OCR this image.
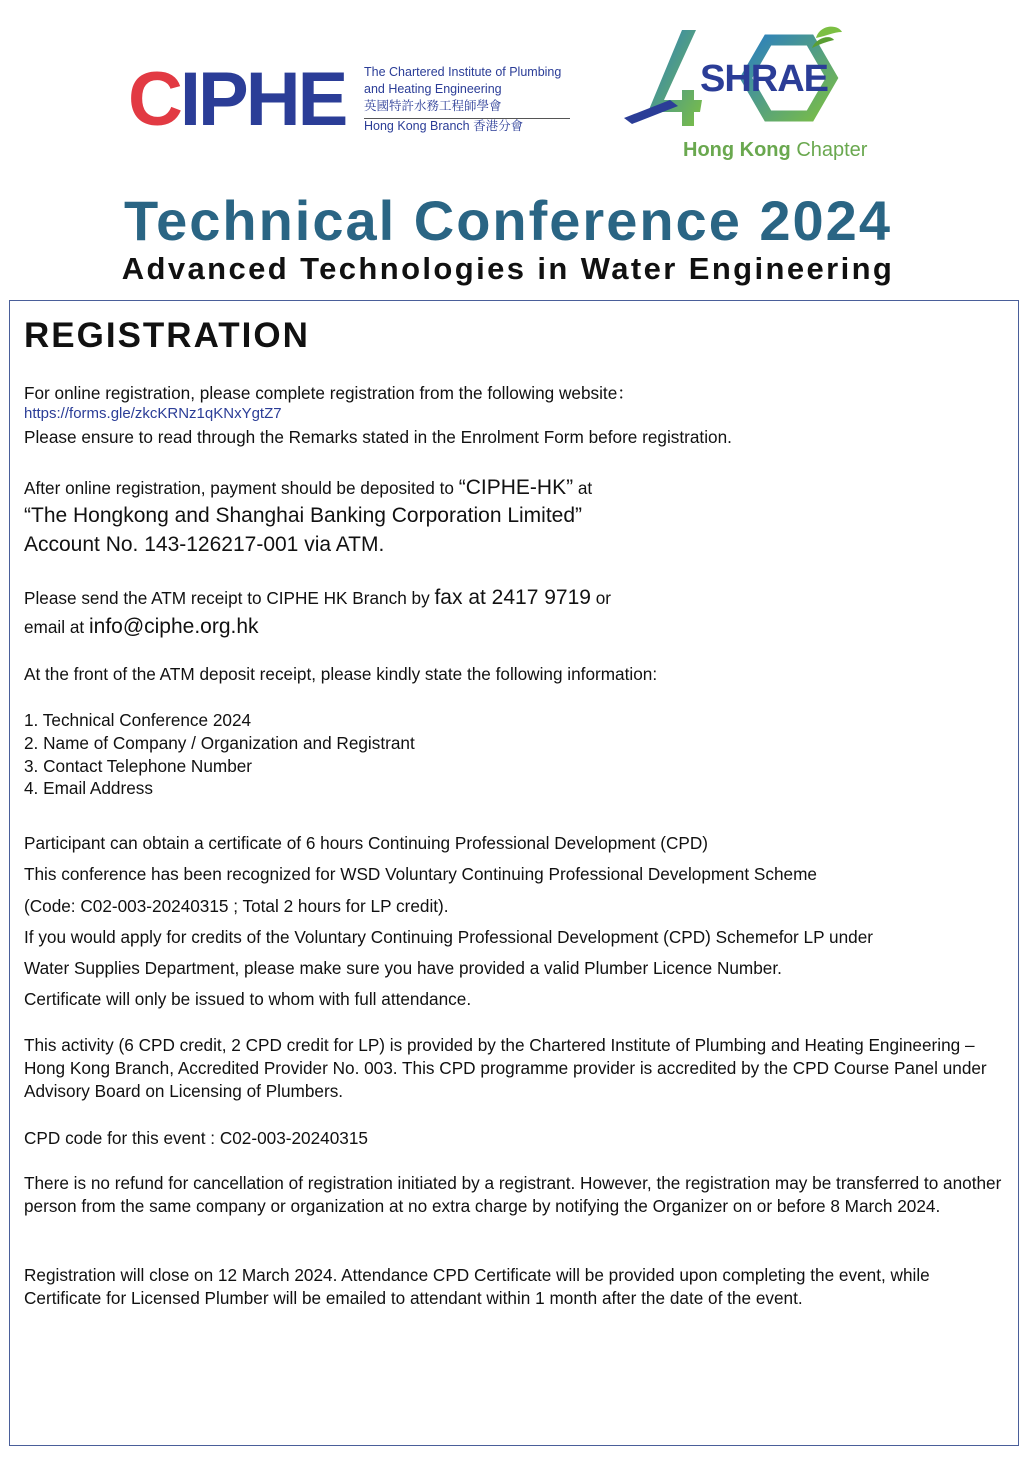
CIPHE The Chartered Institute of Plumbing
and Heating Engineering
英國特許水務工程師學會
Hong Kong Branch 香港分會
SHRAE
Hong Kong Chapter
Technical Conference 2024
Advanced Technologies in Water Engineering
REGISTRATION
For online registration, please complete registration from the following website：
https://forms.gle/zkcKRNz1qKNxYgtZ7
Please ensure to read through the Remarks stated in the Enrolment Form before registration.
After online registration, payment should be deposited to “CIPHE-HK” at
“The Hongkong and Shanghai Banking Corporation Limited”
Account No. 143-126217-001 via ATM.
Please send the ATM receipt to CIPHE HK Branch by fax at 2417 9719 or
email at info@ciphe.org.hk
At the front of the ATM deposit receipt, please kindly state the following information:
1. Technical Conference 2024
2. Name of Company / Organization and Registrant
3. Contact Telephone Number
4. Email Address
Participant can obtain a certificate of 6 hours Continuing Professional Development (CPD)
This conference has been recognized for WSD Voluntary Continuing Professional Development Scheme
(Code: C02-003-20240315 ; Total 2 hours for LP credit).
If you would apply for credits of the Voluntary Continuing Professional Development (CPD) Schemefor LP under
Water Supplies Department, please make sure you have provided a valid Plumber Licence Number.
Certificate will only be issued to whom with full attendance.
This activity (6 CPD credit, 2 CPD credit for LP) is provided by the Chartered Institute of Plumbing and Heating Engineering – Hong Kong Branch, Accredited Provider No. 003. This CPD programme provider is accredited by the CPD Course Panel under Advisory Board on Licensing of Plumbers.
CPD code for this event : C02-003-20240315
There is no refund for cancellation of registration initiated by a registrant. However, the registration may be transferred to another person from the same company or organization at no extra charge by notifying the Organizer on or before 8 March 2024.
Registration will close on 12 March 2024. Attendance CPD Certificate will be provided upon completing the event, while Certificate for Licensed Plumber will be emailed to attendant within 1 month after the date of the event.
